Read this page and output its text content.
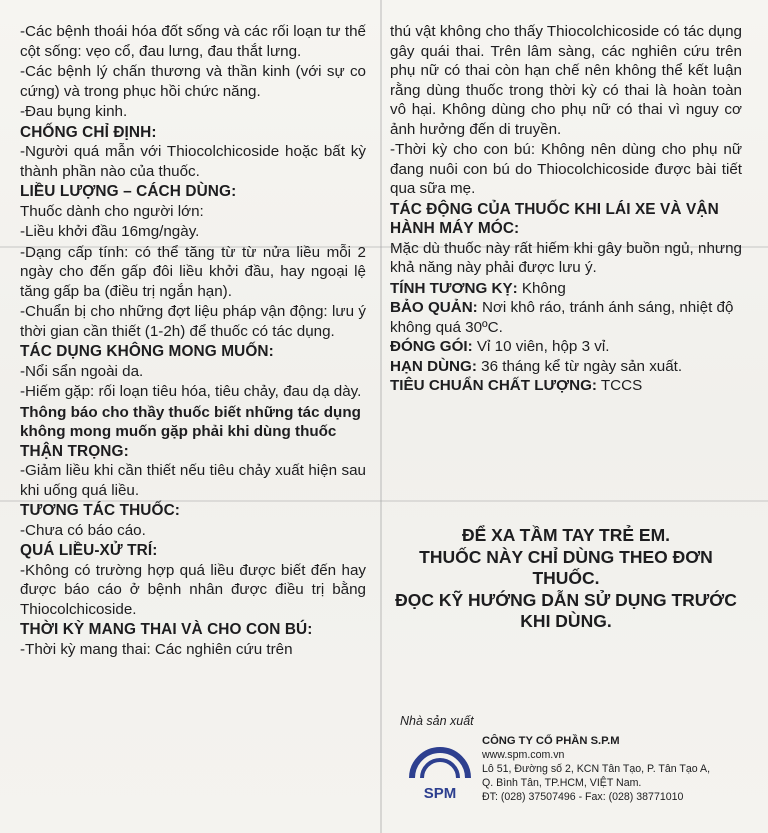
-Các bệnh thoái hóa đốt sống và các rối loạn tư thế cột sống: vẹo cổ, đau lưng, đau thắt lưng.

-Các bệnh lý chấn thương và thần kinh (với sự co cứng) và trong phục hồi chức năng.

-Đau bụng kinh.

CHỐNG CHỈ ĐỊNH:

-Người quá mẫn với Thiocolchicoside hoặc bất kỳ thành phần nào của thuốc.

LIỀU LƯỢNG – CÁCH DÙNG:

Thuốc dành cho người lớn:

-Liều khởi đầu 16mg/ngày.

-Dạng cấp tính: có thể tăng từ từ nửa liều mỗi 2 ngày cho đến gấp đôi liều khởi đầu, hay ngoại lệ tăng gấp ba (điều trị ngắn hạn).

-Chuẩn bị cho những đợt liệu pháp vận động: lưu ý thời gian cần thiết (1-2h) để thuốc có tác dụng.

TÁC DỤNG KHÔNG MONG MUỐN:

-Nổi sẩn ngoài da.

-Hiếm gặp: rối loạn tiêu hóa, tiêu chảy, đau dạ dày.

Thông báo cho thầy thuốc biết những tác dụng không mong muốn gặp phải khi dùng thuốc

THẬN TRỌNG:

-Giảm liều khi cần thiết nếu tiêu chảy xuất hiện sau khi uống quá liều.

TƯƠNG TÁC THUỐC:

-Chưa có báo cáo.

QUÁ LIỀU-XỬ TRÍ:

-Không có trường hợp quá liều được biết đến hay được báo cáo ở bệnh nhân được điều trị bằng Thiocolchicoside.

THỜI KỲ MANG THAI VÀ CHO CON BÚ:

-Thời kỳ mang thai: Các nghiên cứu trên

thú vật không cho thấy Thiocolchicoside có tác dụng gây quái thai. Trên lâm sàng, các nghiên cứu trên phụ nữ có thai còn hạn chế nên không thể kết luận rằng dùng thuốc trong thời kỳ có thai là hoàn toàn vô hại. Không dùng cho phụ nữ có thai vì nguy cơ ảnh hưởng đến di truyền.

-Thời kỳ cho con bú: Không nên dùng cho phụ nữ đang nuôi con bú do Thiocolchicoside được bài tiết qua sữa mẹ.

TÁC ĐỘNG CỦA THUỐC KHI LÁI XE VÀ VẬN HÀNH MÁY MÓC:

Mặc dù thuốc này rất hiếm khi gây buồn ngủ, nhưng khả năng này phải được lưu ý.

TÍNH TƯƠNG KỴ: Không

BẢO QUẢN: Nơi khô ráo, tránh ánh sáng, nhiệt độ không quá 30ºC.

ĐÓNG GÓI: Vỉ 10 viên, hộp 3 vỉ.

HẠN DÙNG: 36 tháng kể từ ngày sản xuất.

TIÊU CHUẨN CHẤT LƯỢNG: TCCS

ĐỂ XA TẦM TAY TRẺ EM.
THUỐC NÀY CHỈ DÙNG THEO ĐƠN THUỐC.
ĐỌC KỸ HƯỚNG DẪN SỬ DỤNG TRƯỚC KHI DÙNG.
Nhà sản xuất
SPM
CÔNG TY CỔ PHẦN S.P.M
www.spm.com.vn
Lô 51, Đường số 2, KCN Tân Tạo, P. Tân Tạo A,
Q. Bình Tân, TP.HCM, VIỆT Nam.
ĐT: (028) 37507496 - Fax: (028) 38771010
